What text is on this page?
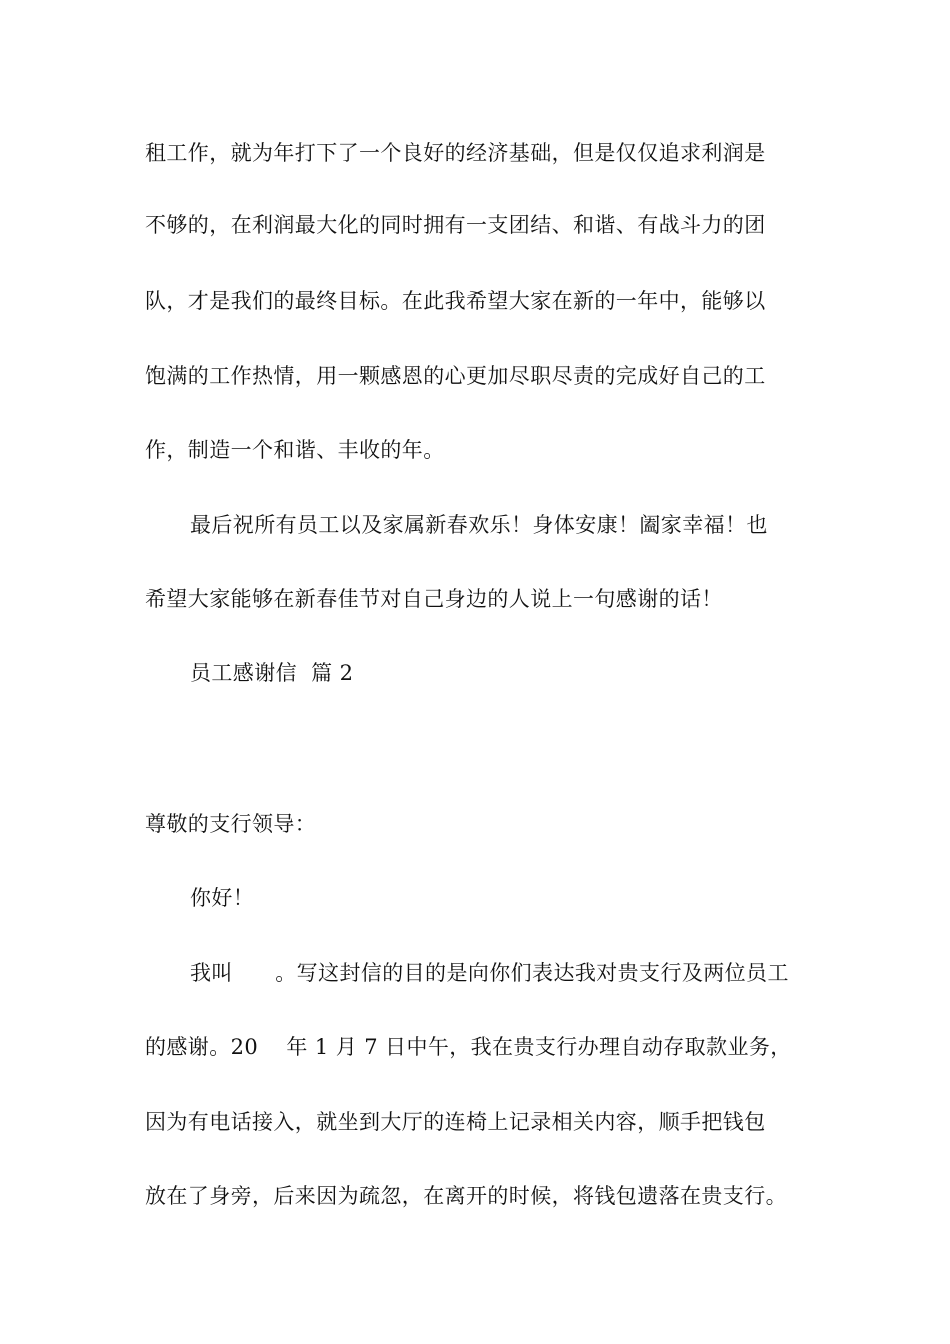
租工作，就为年打下了一个良好的经济基础，但是仅仅追求利润是
不够的，在利润最大化的同时拥有一支团结、和谐、有战斗力的团
队，才是我们的最终目标。在此我希望大家在新的一年中，能够以
饱满的工作热情，用一颗感恩的心更加尽职尽责的完成好自己的工
作，制造一个和谐、丰收的年。
最后祝所有员工以及家属新春欢乐！身体安康！阖家幸福！也
希望大家能够在新春佳节对自己身边的人说上一句感谢的话！
员工感谢信  篇 2
尊敬的支行领导：
你好！
我叫      。写这封信的目的是向你们表达我对贵支行及两位员工
的感谢。20    年 1 月 7 日中午，我在贵支行办理自动存取款业务，
因为有电话接入，就坐到大厅的连椅上记录相关内容，顺手把钱包
放在了身旁，后来因为疏忽，在离开的时候，将钱包遗落在贵支行。
